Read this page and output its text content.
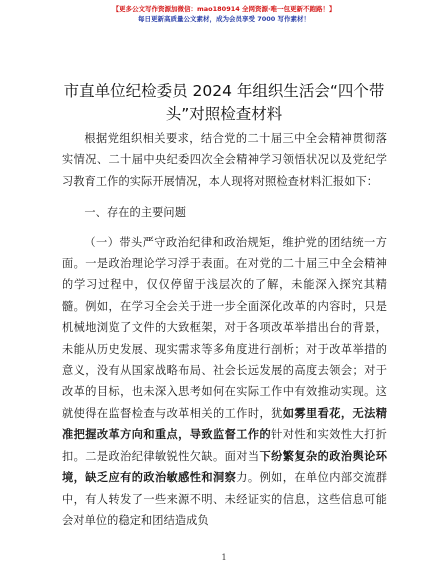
【更多公文写作资源加微信：mao180914 全网资源·唯一包更新不跑路！】
每日更新高质量公文素材，成为会员享受 7000 写作素材！
市直单位纪检委员 2024 年组织生活会“四个带头”对照检查材料

根据党组织相关要求，结合党的二十届三中全会精神贯彻落实情况、二十届中央纪委四次全会精神学习领悟状况以及党纪学习教育工作的实际开展情况，本人现将对照检查材料汇报如下：

一、存在的主要问题

（一）带头严守政治纪律和政治规矩，维护党的团结统一方面。一是政治理论学习浮于表面。在对党的二十届三中全会精神的学习过程中，仅仅停留于浅层次的了解，未能深入探究其精髓。例如，在学习全会关于进一步全面深化改革的内容时，只是机械地浏览了文件的大致框架，对于各项改革举措出台的背景，未能从历史发展、现实需求等多角度进行剖析；对于改革举措的意义，没有从国家战略布局、社会长远发展的高度去领会；对于改革的目标，也未深入思考如何在实际工作中有效推动实现。这就使得在监督检查与改革相关的工作时，犹如雾里看花，无法精准把握改革方向和重点，导致监督工作的针对性和实效性大打折扣。二是政治纪律敏锐性欠缺。面对当下纷繁复杂的政治舆论环境，缺乏应有的政治敏感性和洞察力。例如，在单位内部交流群中，有人转发了一些来源不明、未经证实的信息，这些信息可能会对单位的稳定和团结造成负

1
